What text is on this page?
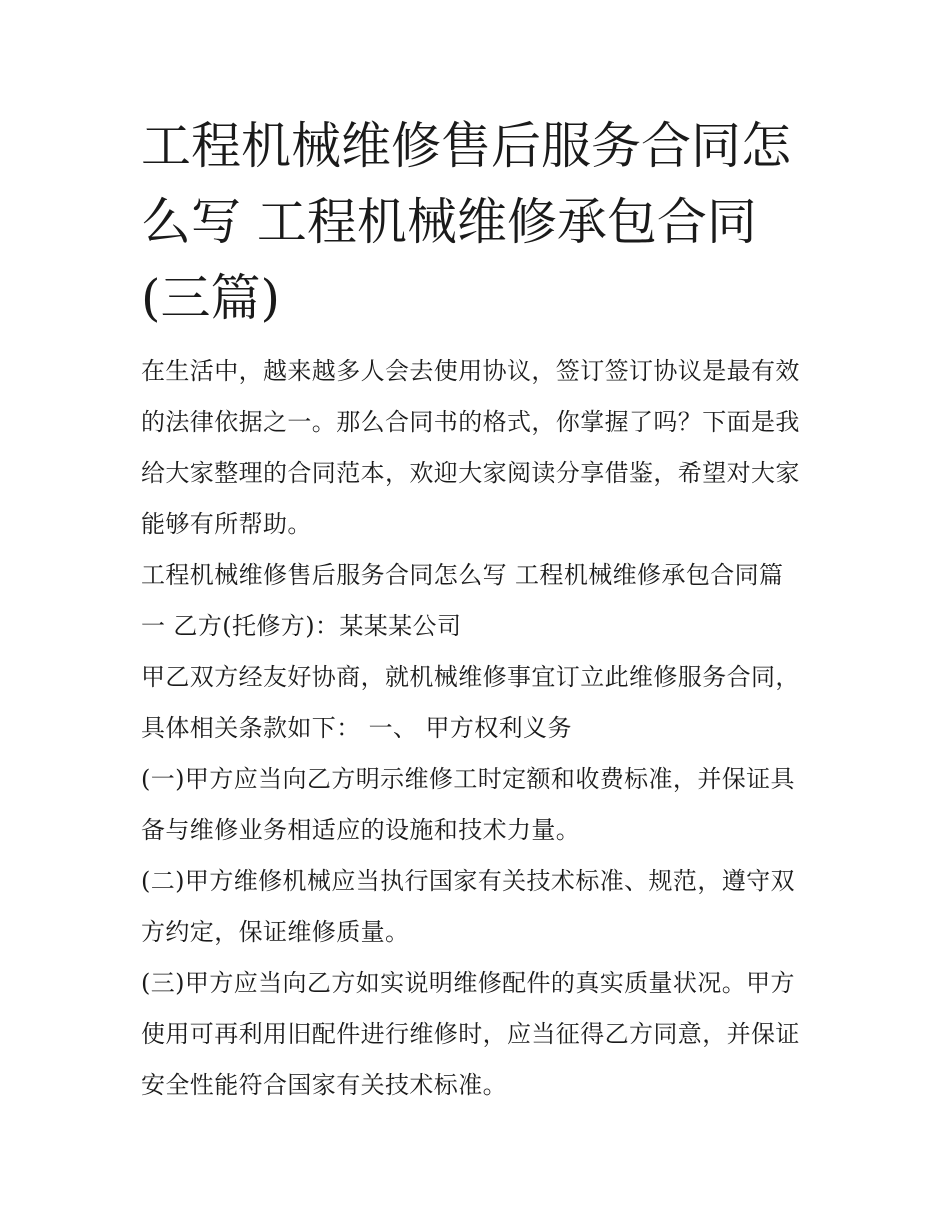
工程机械维修售后服务合同怎
么写 工程机械维修承包合同
(三篇)

在生活中，越来越多人会去使用协议，签订签订协议是最有效

的法律依据之一。那么合同书的格式，你掌握了吗？下面是我

给大家整理的合同范本，欢迎大家阅读分享借鉴，希望对大家

能够有所帮助。

工程机械维修售后服务合同怎么写 工程机械维修承包合同篇

一 乙方(托修方)：某某某公司

甲乙双方经友好协商，就机械维修事宜订立此维修服务合同，

具体相关条款如下： 一、 甲方权利义务

(一)甲方应当向乙方明示维修工时定额和收费标准，并保证具

备与维修业务相适应的设施和技术力量。

(二)甲方维修机械应当执行国家有关技术标准、规范，遵守双

方约定，保证维修质量。

(三)甲方应当向乙方如实说明维修配件的真实质量状况。甲方

使用可再利用旧配件进行维修时，应当征得乙方同意，并保证

安全性能符合国家有关技术标准。
